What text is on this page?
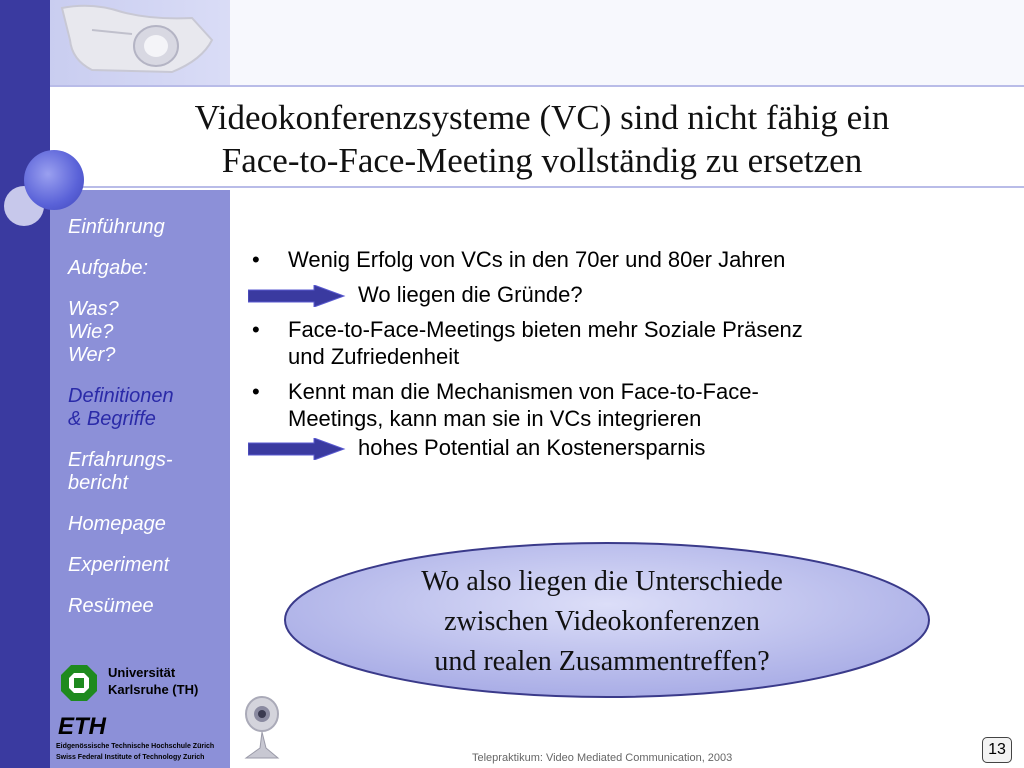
Videokonferenzsysteme (VC) sind nicht fähig ein
Face-to-Face-Meeting vollständig zu ersetzen
Einführung
Aufgabe:
Was?
Wie?
Wer?
Definitionen
& Begriffe
Erfahrungs-
bericht
Homepage
Experiment
Resümee
Universität
Karlsruhe (TH)
ETH
Eidgenössische Technische Hochschule Zürich
Swiss Federal Institute of Technology Zurich
• Wenig Erfolg von VCs in den 70er und 80er Jahren
Wo liegen die Gründe?
• Face-to-Face-Meetings bieten mehr Soziale Präsenz
und Zufriedenheit
• Kennt man die Mechanismen von Face-to-Face-
Meetings, kann man sie in VCs integrieren
hohes Potential an Kostenersparnis
Wo also liegen die Unterschiede
zwischen Videokonferenzen
und realen Zusammentreffen?
Telepraktikum: Video Mediated Communication, 2003	13
